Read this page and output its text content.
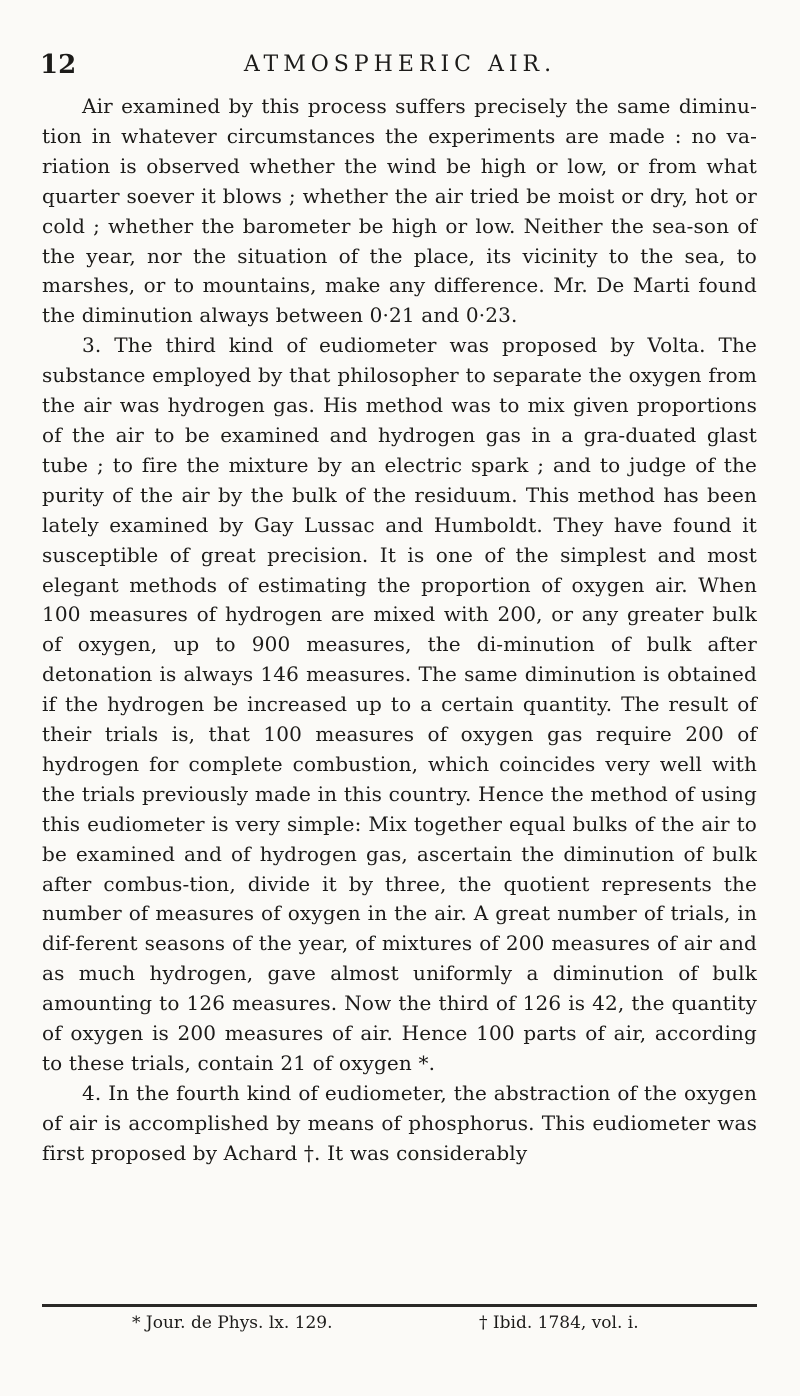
12	ATMOSPHERIC AIR.

Air examined by this process suffers precisely the same diminu-tion in whatever circumstances the experiments are made : no va-riation is observed whether the wind be high or low, or from what quarter soever it blows ; whether the air tried be moist or dry, hot or cold ; whether the barometer be high or low. Neither the sea-son of the year, nor the situation of the place, its vicinity to the sea, to marshes, or to mountains, make any difference. Mr. De Marti found the diminution always between 0·21 and 0·23.

3. The third kind of eudiometer was proposed by Volta. The substance employed by that philosopher to separate the oxygen from the air was hydrogen gas. His method was to mix given proportions of the air to be examined and hydrogen gas in a gra-duated glast tube ; to fire the mixture by an electric spark ; and to judge of the purity of the air by the bulk of the residuum. This method has been lately examined by Gay Lussac and Humboldt. They have found it susceptible of great precision. It is one of the simplest and most elegant methods of estimating the proportion of oxygen air. When 100 measures of hydrogen are mixed with 200, or any greater bulk of oxygen, up to 900 measures, the di-minution of bulk after detonation is always 146 measures. The same diminution is obtained if the hydrogen be increased up to a certain quantity. The result of their trials is, that 100 measures of oxygen gas require 200 of hydrogen for complete combustion, which coincides very well with the trials previously made in this country. Hence the method of using this eudiometer is very simple: Mix together equal bulks of the air to be examined and of hydrogen gas, ascertain the diminution of bulk after combus-tion, divide it by three, the quotient represents the number of measures of oxygen in the air. A great number of trials, in dif-ferent seasons of the year, of mixtures of 200 measures of air and as much hydrogen, gave almost uniformly a diminution of bulk amounting to 126 measures. Now the third of 126 is 42, the quantity of oxygen is 200 measures of air. Hence 100 parts of air, according to these trials, contain 21 of oxygen *.

4. In the fourth kind of eudiometer, the abstraction of the oxygen of air is accomplished by means of phosphorus. This eudiometer was first proposed by Achard †. It was considerably

* Jour. de Phys. lx. 129.	† Ibid. 1784, vol. i.
